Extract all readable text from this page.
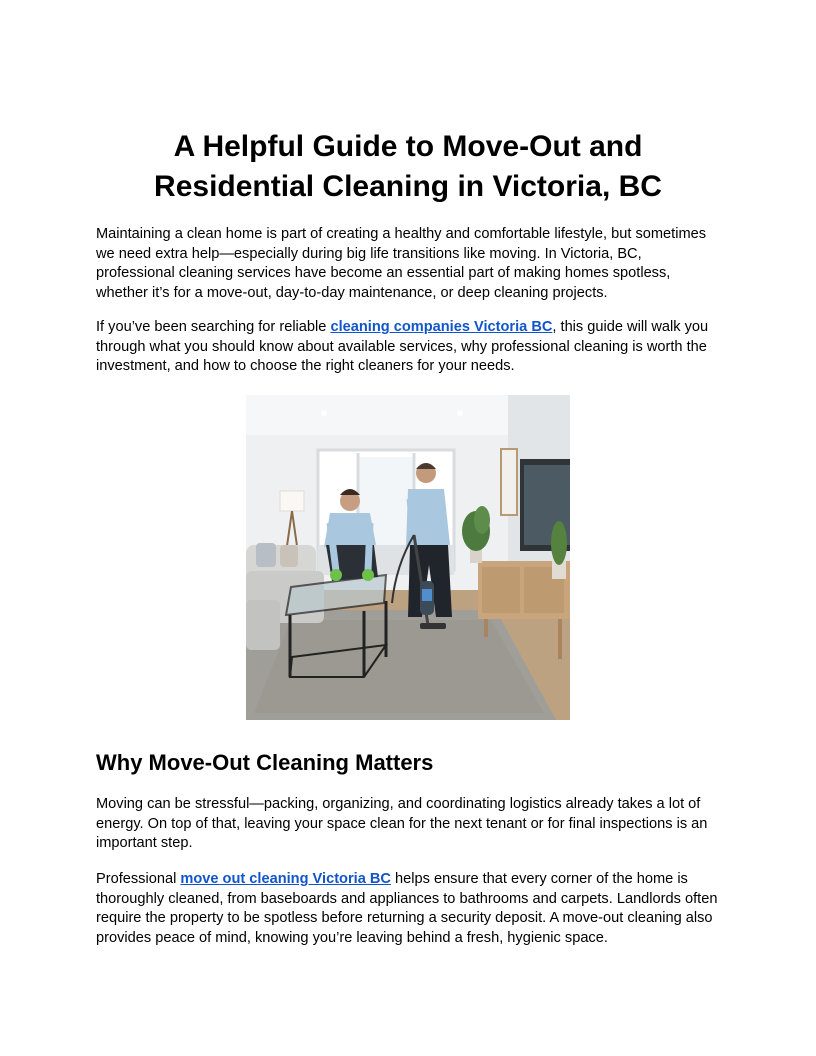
A Helpful Guide to Move-Out and Residential Cleaning in Victoria, BC

Maintaining a clean home is part of creating a healthy and comfortable lifestyle, but sometimes we need extra help—especially during big life transitions like moving. In Victoria, BC, professional cleaning services have become an essential part of making homes spotless, whether it’s for a move-out, day-to-day maintenance, or deep cleaning projects.

If you’ve been searching for reliable cleaning companies Victoria BC, this guide will walk you through what you should know about available services, why professional cleaning is worth the investment, and how to choose the right cleaners for your needs.

Why Move-Out Cleaning Matters

Moving can be stressful—packing, organizing, and coordinating logistics already takes a lot of energy. On top of that, leaving your space clean for the next tenant or for final inspections is an important step.

Professional move out cleaning Victoria BC helps ensure that every corner of the home is thoroughly cleaned, from baseboards and appliances to bathrooms and carpets. Landlords often require the property to be spotless before returning a security deposit. A move-out cleaning also provides peace of mind, knowing you’re leaving behind a fresh, hygienic space.
